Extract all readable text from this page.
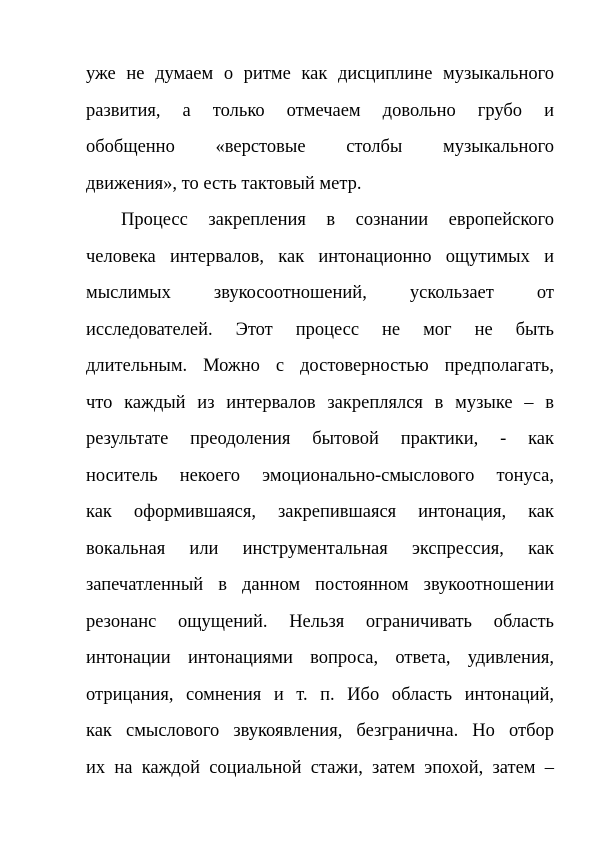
уже не думаем о ритме как дисциплине музыкального
развития, а только отмечаем довольно грубо и
обобщенно «верстовые столбы музыкального
движения», то есть тактовый метр.
Процесс закрепления в сознании европейского
человека интервалов, как интонационно ощутимых и
мыслимых звукосоотношений, ускользает от
исследователей. Этот процесс не мог не быть
длительным. Можно с достоверностью предполагать,
что каждый из интервалов закреплялся в музыке – в
результате преодоления бытовой практики, - как
носитель некоего эмоционально-смыслового тонуса,
как оформившаяся, закрепившаяся интонация, как
вокальная или инструментальная экспрессия, как
запечатленный в данном постоянном звукоотношении
резонанс ощущений. Нельзя ограничивать область
интонации интонациями вопроса, ответа, удивления,
отрицания, сомнения и т. п. Ибо область интонаций,
как смыслового звукоявления, безгранична. Но отбор
их на каждой социальной стажи, затем эпохой, затем –
